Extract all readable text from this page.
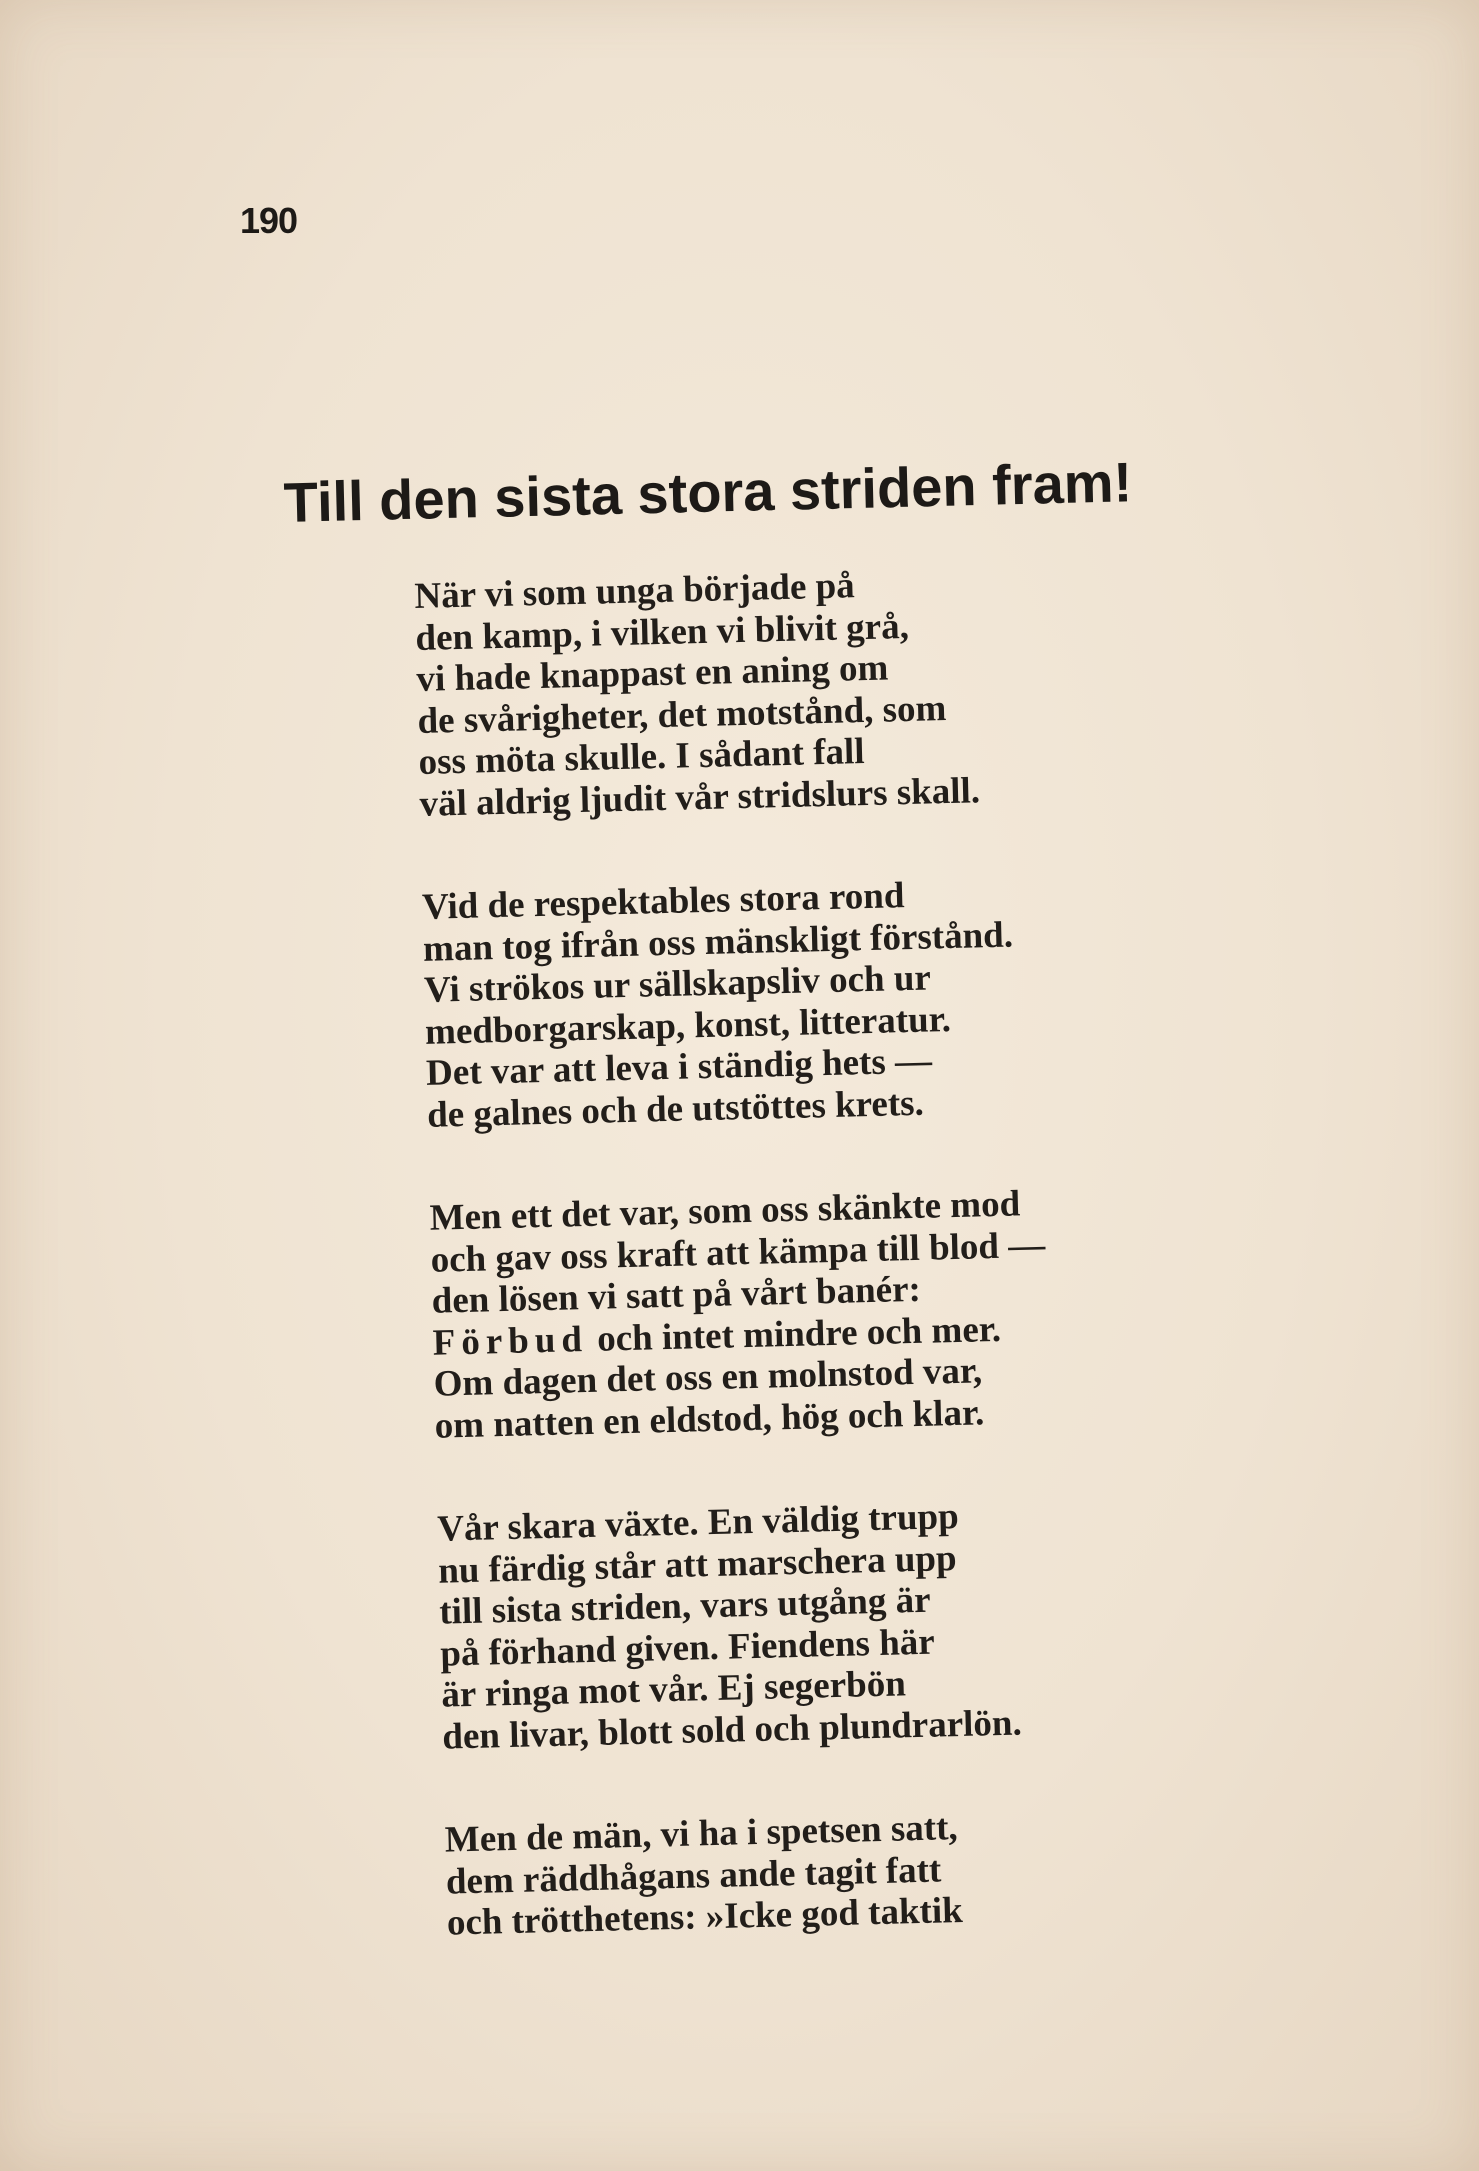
190
Till den sista stora striden fram!

När vi som unga började på
den kamp, i vilken vi blivit grå,
vi hade knappast en aning om
de svårigheter, det motstånd, som
oss möta skulle. I sådant fall
väl aldrig ljudit vår stridslurs skall.

Vid de respektables stora rond
man tog ifrån oss mänskligt förstånd.
Vi strökos ur sällskapsliv och ur
medborgarskap, konst, litteratur.
Det var att leva i ständig hets —
de galnes och de utstöttes krets.

Men ett det var, som oss skänkte mod
och gav oss kraft att kämpa till blod —
den lösen vi satt på vårt banér:
Förbud och intet mindre och mer.
Om dagen det oss en molnstod var,
om natten en eldstod, hög och klar.

Vår skara växte. En väldig trupp
nu färdig står att marschera upp
till sista striden, vars utgång är
på förhand given. Fiendens här
är ringa mot vår. Ej segerbön
den livar, blott sold och plundrarlön.

Men de män, vi ha i spetsen satt,
dem räddhågans ande tagit fatt
och trötthetens: »Icke god taktik
